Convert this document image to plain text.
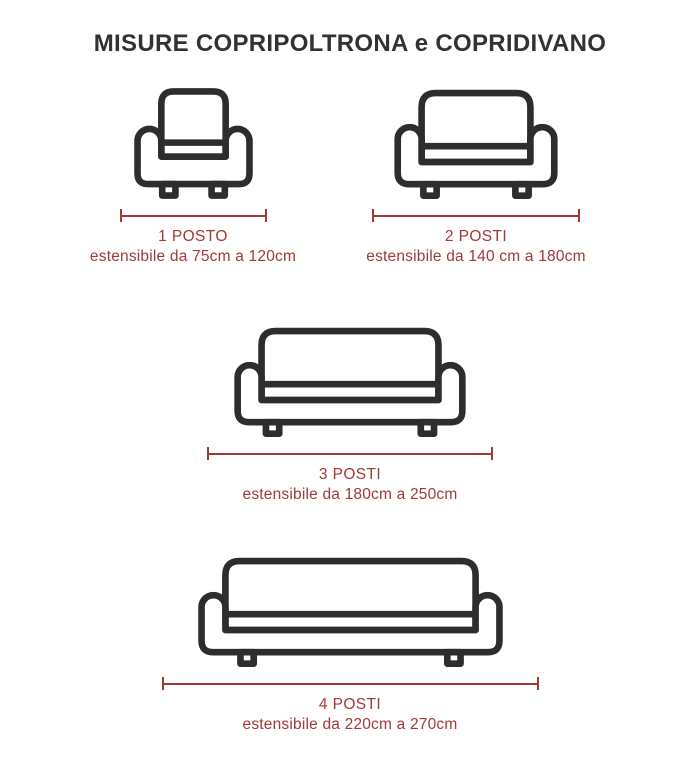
MISURE COPRIPOLTRONA e COPRIDIVANO
1 POSTO
estensibile da 75cm a 120cm
2 POSTI
estensibile da 140 cm a 180cm
3 POSTI
estensibile da 180cm a 250cm
4 POSTI
estensibile da 220cm a 270cm
